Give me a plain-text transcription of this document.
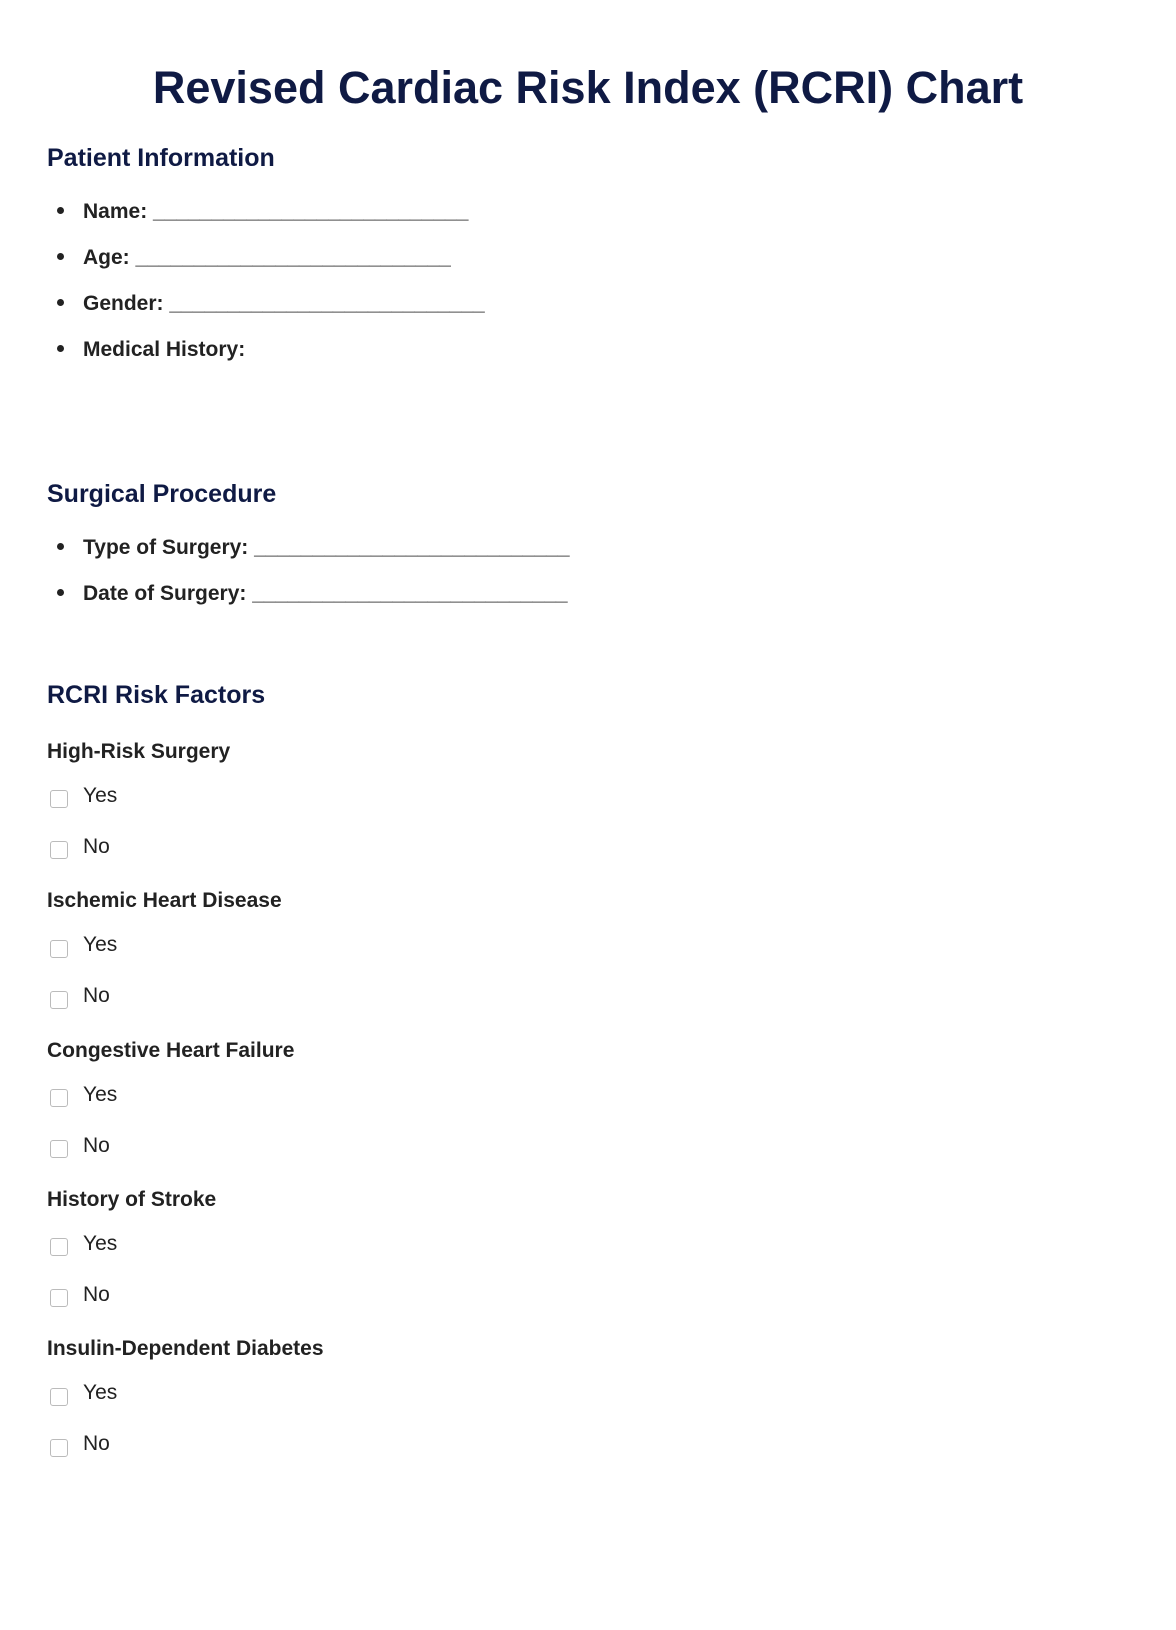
Revised Cardiac Risk Index (RCRI) Chart
Patient Information
Name: ___________________________
Age: ___________________________
Gender: ___________________________
Medical History:
Surgical Procedure
Type of Surgery: ___________________________
Date of Surgery: ___________________________
RCRI Risk Factors
High-Risk Surgery
Yes
No
Ischemic Heart Disease
Yes
No
Congestive Heart Failure
Yes
No
History of Stroke
Yes
No
Insulin-Dependent Diabetes
Yes
No
